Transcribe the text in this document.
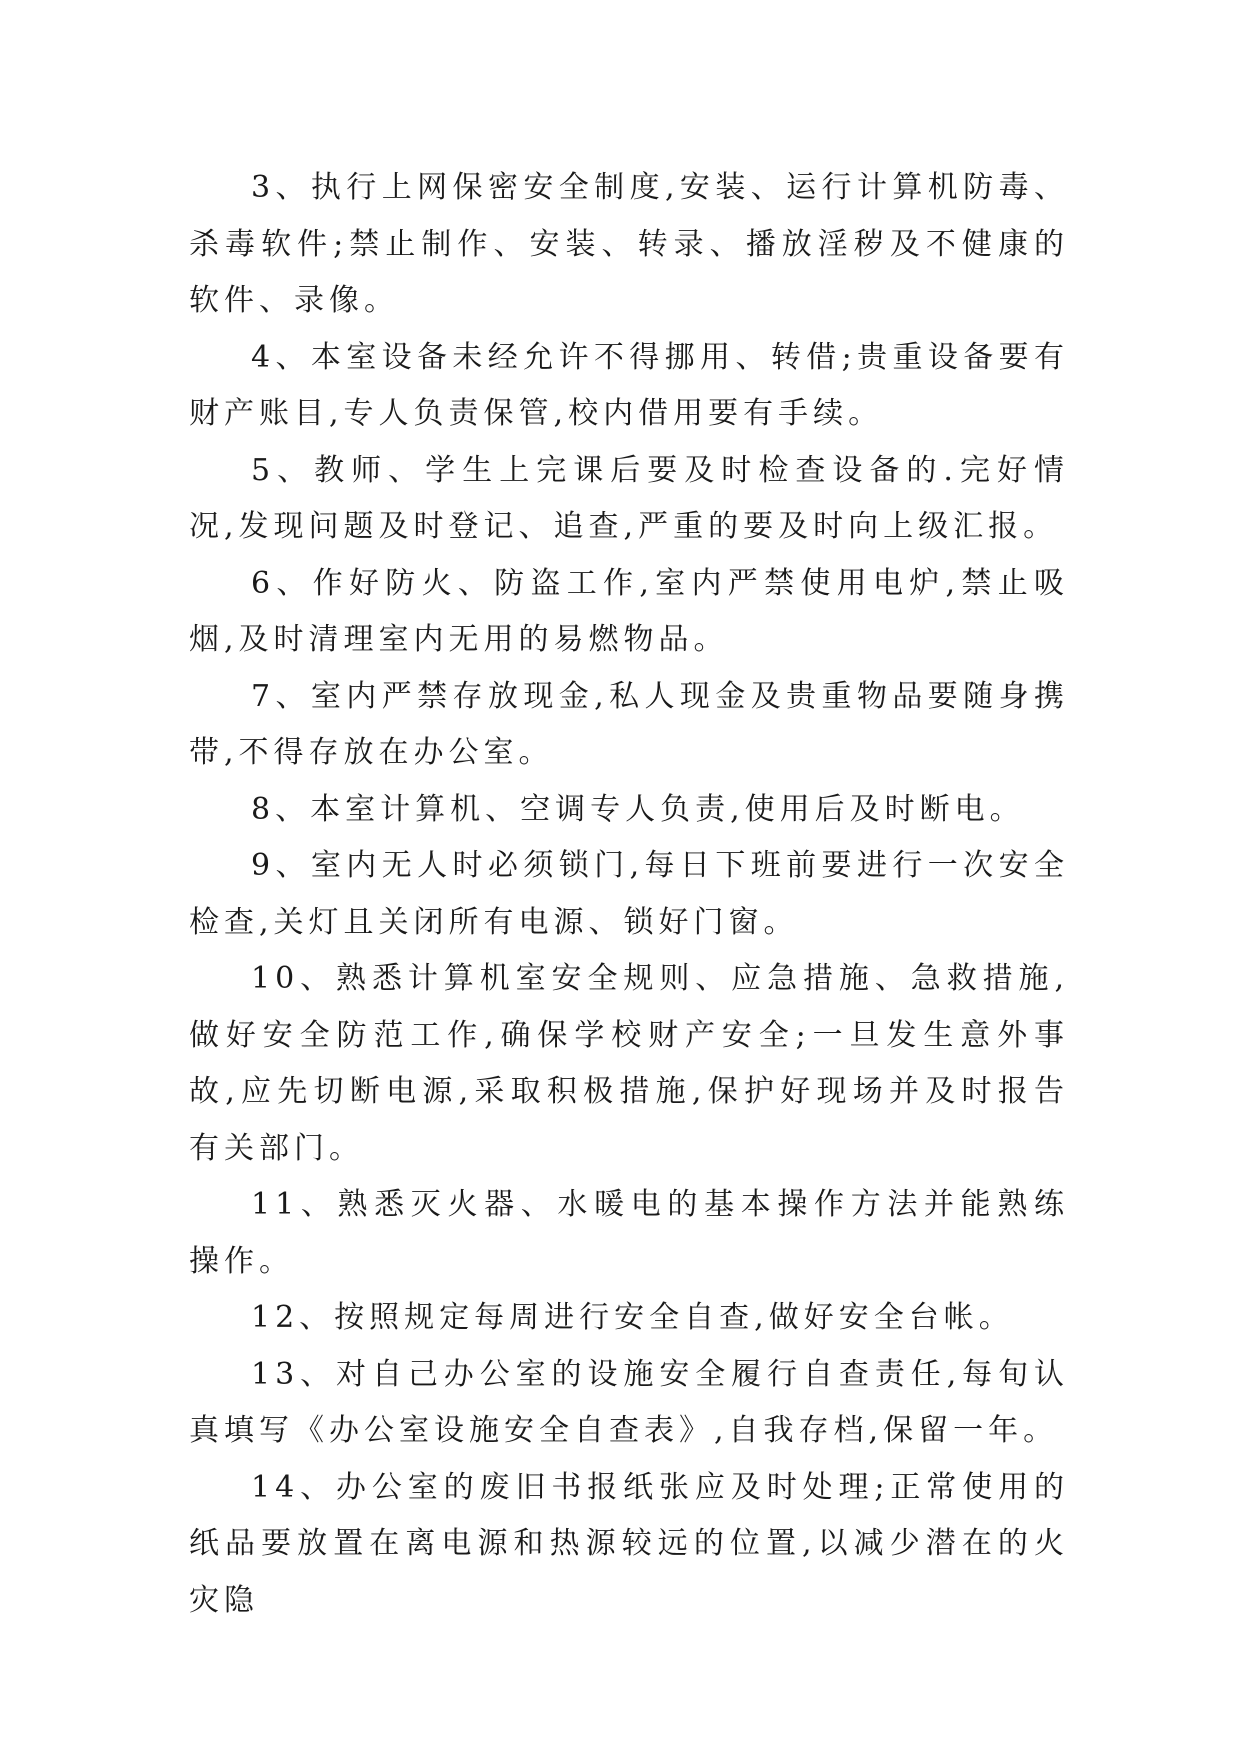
3、执行上网保密安全制度,安装、运行计算机防毒、杀毒软件;禁止制作、安装、转录、播放淫秽及不健康的软件、录像。

4、本室设备未经允许不得挪用、转借;贵重设备要有财产账目,专人负责保管,校内借用要有手续。

5、教师、学生上完课后要及时检查设备的.完好情况,发现问题及时登记、追查,严重的要及时向上级汇报。

6、作好防火、防盗工作,室内严禁使用电炉,禁止吸烟,及时清理室内无用的易燃物品。

7、室内严禁存放现金,私人现金及贵重物品要随身携带,不得存放在办公室。

8、本室计算机、空调专人负责,使用后及时断电。

9、室内无人时必须锁门,每日下班前要进行一次安全检查,关灯且关闭所有电源、锁好门窗。

10、熟悉计算机室安全规则、应急措施、急救措施,做好安全防范工作,确保学校财产安全;一旦发生意外事故,应先切断电源,采取积极措施,保护好现场并及时报告有关部门。

11、熟悉灭火器、水暖电的基本操作方法并能熟练操作。

12、按照规定每周进行安全自查,做好安全台帐。

13、对自己办公室的设施安全履行自查责任,每旬认真填写《办公室设施安全自查表》,自我存档,保留一年。

14、办公室的废旧书报纸张应及时处理;正常使用的纸品要放置在离电源和热源较远的位置,以减少潜在的火灾隐
